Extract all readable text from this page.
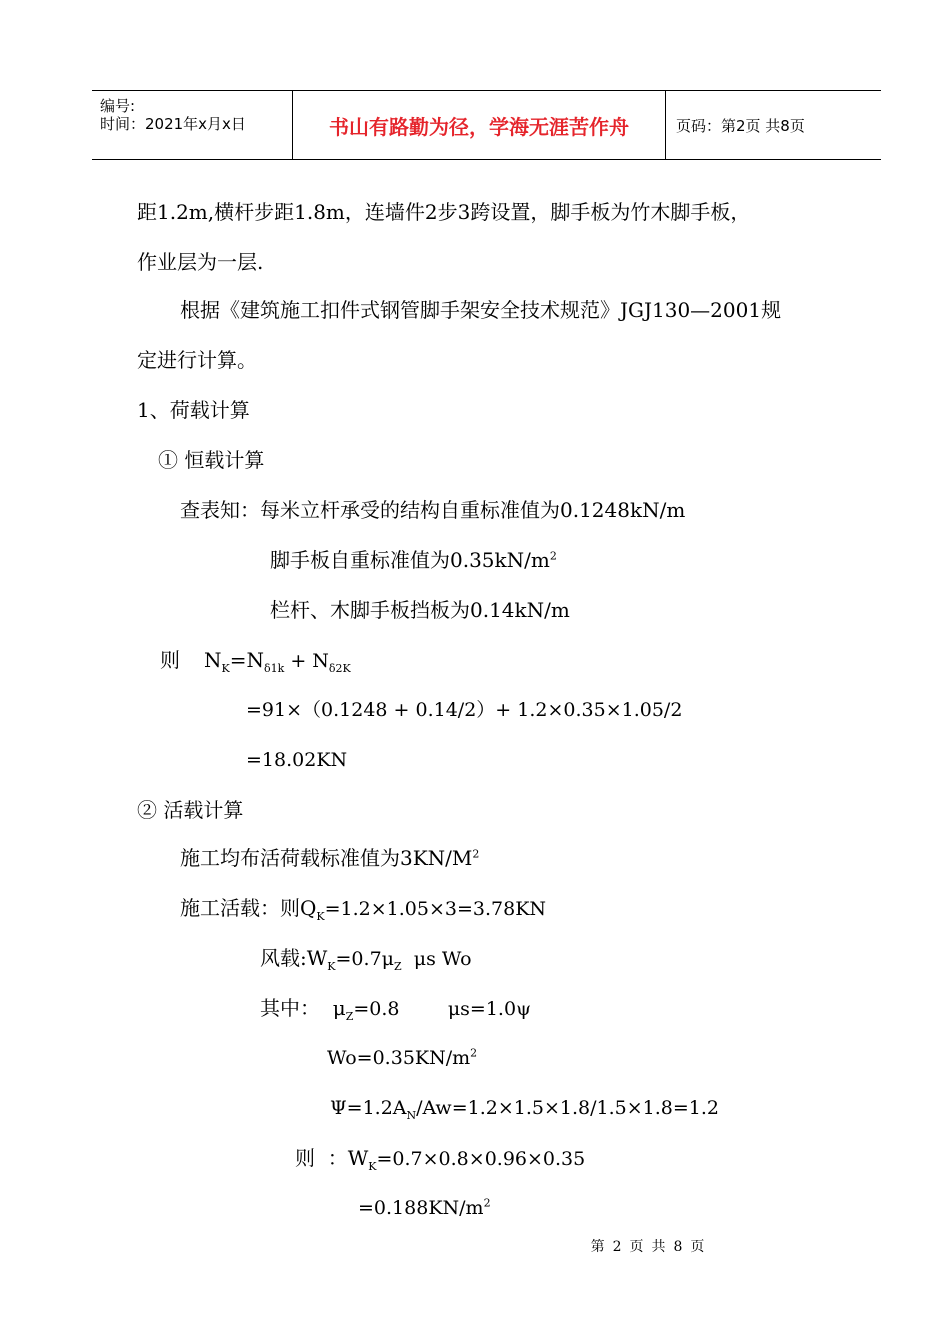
编号:
时间：2021年x月x日	书山有路勤为径，学海无涯苦作舟	页码：第2页 共8页
距1.2m,横杆步距1.8m，连墙件2步3跨设置，脚手板为竹木脚手板，
作业层为一层.
根据《建筑施工扣件式钢管脚手架安全技术规范》JGJ130—2001规
定进行计算。
1、荷载计算
① 恒载计算
查表知：每米立杆承受的结构自重标准值为0.1248kN/m
脚手板自重标准值为$0.35kN/m^2$
栏杆、木脚手板挡板为0.14kN/m
则 $N_K=N_{\delta 1k} + N_{\delta 2K}$
=91×（0.1248 + 0.14/2）+ 1.2×0.35×1.05/2
=18.02KN
② 活载计算
施工均布活荷载标准值为$3KN/M^2$
施工活载：则$Q_K=1.2\times 1.05\times 3=3.78KN$
风载$:W_K=0.7\mu_Z$  μs Wo
其中：  $\mu_Z=0.8$        μs=1.0ψ
$Wo=0.35KN/m^2$
$\Psi=1.2A_N/Aw=1.2\times 1.5\times 1.8/1.5\times 1.8=1.2$
则  ：$W_K=0.7\times 0.8\times 0.96\times 0.35$
$=0.188KN/m^2$
第 2 页 共 8 页
